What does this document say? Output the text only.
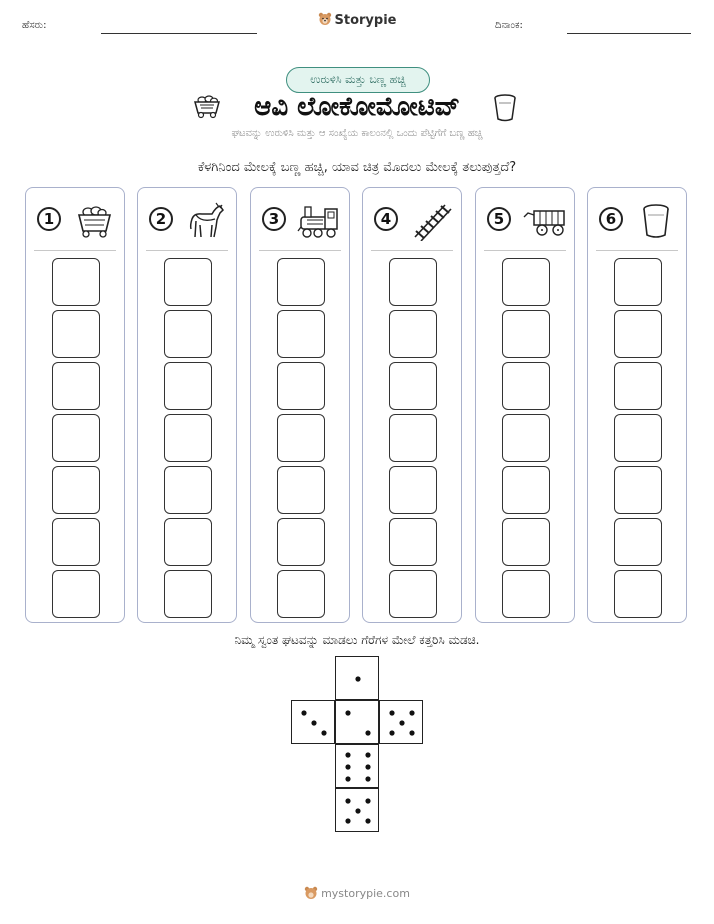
ಹೆಸರು:	Storypie	ದಿನಾಂಕ:
ಉರುಳಿಸಿ ಮತ್ತು ಬಣ್ಣ ಹಚ್ಚಿ
ಆವಿ ಲೋಕೋಮೋಟಿವ್
ಘಟವನ್ನು ಉರುಳಿಸಿ ಮತ್ತು ಆ ಸಂಖ್ಯೆಯ ಕಾಲಂನಲ್ಲಿ ಒಂದು ಪೆಟ್ಟಿಗೆಗೆ ಬಣ್ಣ ಹಚ್ಚಿ
ಕೆಳಗಿನಿಂದ ಮೇಲಕ್ಕೆ ಬಣ್ಣ ಹಚ್ಚಿ, ಯಾವ ಚಿತ್ರ ಮೊದಲು ಮೇಲಕ್ಕೆ ತಲುಪುತ್ತದೆ?
1	2	3	4	5	6
ನಿಮ್ಮ ಸ್ವಂತ ಘಟವನ್ನು ಮಾಡಲು ಗೆರೆಗಳ ಮೇಲೆ ಕತ್ತರಿಸಿ ಮಡಚಿ.
mystorypie.com
